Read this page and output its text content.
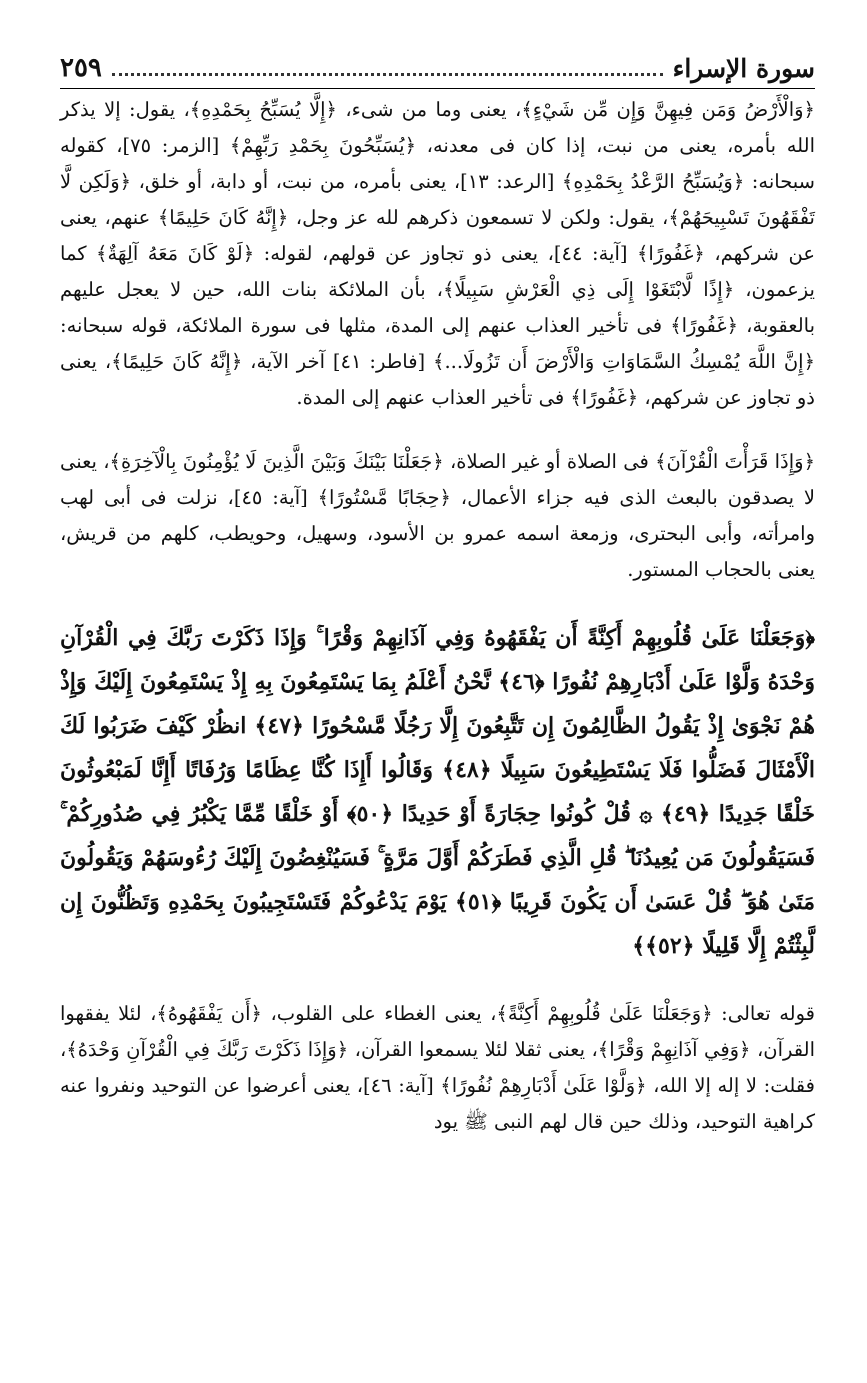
سورة الإسراء
٢٥٩

﴿وَالْأَرْضُ وَمَن فِيهِنَّ وَإِن مِّن شَيْءٍ﴾، يعنى وما من شىء، ﴿إِلَّا يُسَبِّحُ بِحَمْدِهِ﴾، يقول: إلا يذكر الله بأمره، يعنى من نبت، إذا كان فى معدنه، ﴿يُسَبِّحُونَ بِحَمْدِ رَبِّهِمْ﴾ [الزمر: ٧٥]، كقوله سبحانه: ﴿وَيُسَبِّحُ الرَّعْدُ بِحَمْدِهِ﴾ [الرعد: ١٣]، يعنى بأمره، من نبت، أو دابة، أو خلق، ﴿وَلَكِن لَّا تَفْقَهُونَ تَسْبِيحَهُمْ﴾، يقول: ولكن لا تسمعون ذكرهم لله عز وجل، ﴿إِنَّهُ كَانَ حَلِيمًا﴾ عنهم، يعنى عن شركهم، ﴿غَفُورًا﴾ [آية: ٤٤]، يعنى ذو تجاوز عن قولهم، لقوله: ﴿لَوْ كَانَ مَعَهُ آلِهَةٌ﴾ كما يزعمون، ﴿إِذًا لَّابْتَغَوْا إِلَى ذِي الْعَرْشِ سَبِيلًا﴾، بأن الملائكة بنات الله، حين لا يعجل عليهم بالعقوبة، ﴿غَفُورًا﴾ فى تأخير العذاب عنهم إلى المدة، مثلها فى سورة الملائكة، قوله سبحانه: ﴿إِنَّ اللَّهَ يُمْسِكُ السَّمَاوَاتِ وَالْأَرْضَ أَن تَزُولَا...﴾ [فاطر: ٤١] آخر الآية، ﴿إِنَّهُ كَانَ حَلِيمًا﴾، يعنى ذو تجاوز عن شركهم، ﴿غَفُورًا﴾ فى تأخير العذاب عنهم إلى المدة.

﴿وَإِذَا قَرَأْتَ الْقُرْآنَ﴾ فى الصلاة أو غير الصلاة، ﴿جَعَلْنَا بَيْنَكَ وَبَيْنَ الَّذِينَ لَا يُؤْمِنُونَ بِالْآخِرَةِ﴾، يعنى لا يصدقون بالبعث الذى فيه جزاء الأعمال، ﴿حِجَابًا مَّسْتُورًا﴾ [آية: ٤٥]، نزلت فى أبى لهب وامرأته، وأبى البحترى، وزمعة اسمه عمرو بن الأسود، وسهيل، وحويطب، كلهم من قريش، يعنى بالحجاب المستور.

﴿وَجَعَلْنَا عَلَىٰ قُلُوبِهِمْ أَكِنَّةً أَن يَفْقَهُوهُ وَفِي آذَانِهِمْ وَقْرًا ۚ وَإِذَا ذَكَرْتَ رَبَّكَ فِي الْقُرْآنِ وَحْدَهُ وَلَّوْا عَلَىٰ أَدْبَارِهِمْ نُفُورًا ﴿٤٦﴾ نَّحْنُ أَعْلَمُ بِمَا يَسْتَمِعُونَ بِهِ إِذْ يَسْتَمِعُونَ إِلَيْكَ وَإِذْ هُمْ نَجْوَىٰ إِذْ يَقُولُ الظَّالِمُونَ إِن تَتَّبِعُونَ إِلَّا رَجُلًا مَّسْحُورًا ﴿٤٧﴾ انظُرْ كَيْفَ ضَرَبُوا لَكَ الْأَمْثَالَ فَضَلُّوا فَلَا يَسْتَطِيعُونَ سَبِيلًا ﴿٤٨﴾ وَقَالُوا أَإِذَا كُنَّا عِظَامًا وَرُفَاتًا أَإِنَّا لَمَبْعُوثُونَ خَلْقًا جَدِيدًا ﴿٤٩﴾ ۞ قُلْ كُونُوا حِجَارَةً أَوْ حَدِيدًا ﴿٥٠﴾ أَوْ خَلْقًا مِّمَّا يَكْبُرُ فِي صُدُورِكُمْ ۚ فَسَيَقُولُونَ مَن يُعِيدُنَا ۖ قُلِ الَّذِي فَطَرَكُمْ أَوَّلَ مَرَّةٍ ۚ فَسَيُنْغِضُونَ إِلَيْكَ رُءُوسَهُمْ وَيَقُولُونَ مَتَىٰ هُوَ ۖ قُلْ عَسَىٰ أَن يَكُونَ قَرِيبًا ﴿٥١﴾ يَوْمَ يَدْعُوكُمْ فَتَسْتَجِيبُونَ بِحَمْدِهِ وَتَظُنُّونَ إِن لَّبِثْتُمْ إِلَّا قَلِيلًا ﴿٥٢﴾﴾

قوله تعالى: ﴿وَجَعَلْنَا عَلَىٰ قُلُوبِهِمْ أَكِنَّةً﴾، يعنى الغطاء على القلوب، ﴿أَن يَفْقَهُوهُ﴾، لئلا يفقهوا القرآن، ﴿وَفِي آذَانِهِمْ وَقْرًا﴾، يعنى ثقلا لئلا يسمعوا القرآن، ﴿وَإِذَا ذَكَرْتَ رَبَّكَ فِي الْقُرْآنِ وَحْدَهُ﴾، فقلت: لا إله إلا الله، ﴿وَلَّوْا عَلَىٰ أَدْبَارِهِمْ نُفُورًا﴾ [آية: ٤٦]، يعنى أعرضوا عن التوحيد ونفروا عنه كراهية التوحيد، وذلك حين قال لهم النبى ﷺ يود
